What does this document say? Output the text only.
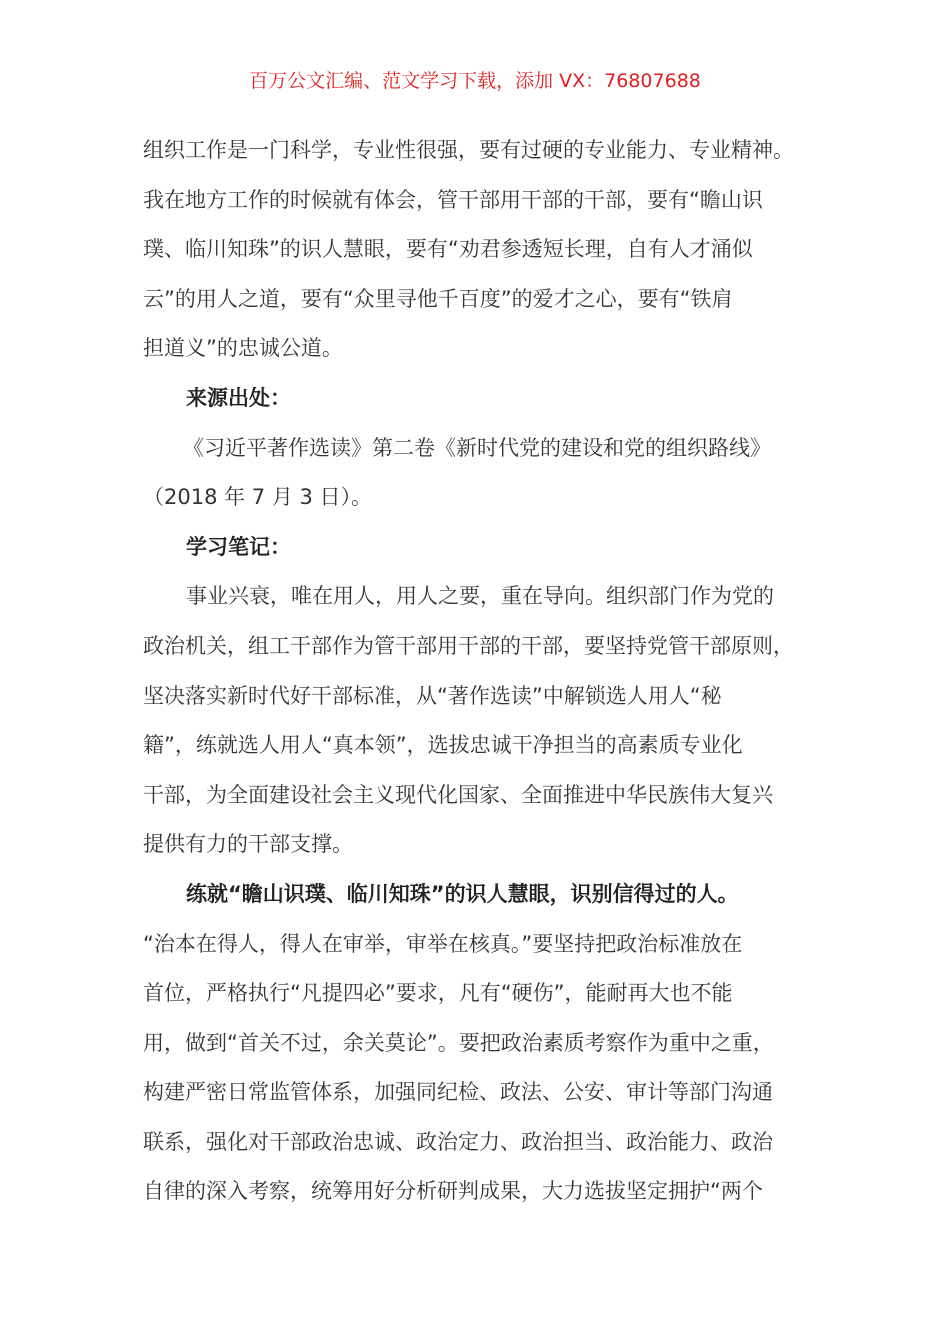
百万公文汇编、范文学习下载，添加 VX：76807688
组织工作是一门科学，专业性很强，要有过硬的专业能力、专业精神。
我在地方工作的时候就有体会，管干部用干部的干部，要有“瞻山识
璞、临川知珠”的识人慧眼，要有“劝君参透短长理，自有人才涌似
云”的用人之道，要有“众里寻他千百度”的爱才之心，要有“铁肩
担道义”的忠诚公道。
来源出处：
《习近平著作选读》第二卷《新时代党的建设和党的组织路线》
（2018 年 7 月 3 日）。
学习笔记：
事业兴衰，唯在用人，用人之要，重在导向。组织部门作为党的
政治机关，组工干部作为管干部用干部的干部，要坚持党管干部原则，
坚决落实新时代好干部标准，从“著作选读”中解锁选人用人“秘
籍”，练就选人用人“真本领”，选拔忠诚干净担当的高素质专业化
干部，为全面建设社会主义现代化国家、全面推进中华民族伟大复兴
提供有力的干部支撑。
练就“瞻山识璞、临川知珠”的识人慧眼，识别信得过的人。
“治本在得人，得人在审举，审举在核真。”要坚持把政治标准放在
首位，严格执行“凡提四必”要求，凡有“硬伤”，能耐再大也不能
用，做到“首关不过，余关莫论”。要把政治素质考察作为重中之重，
构建严密日常监管体系，加强同纪检、政法、公安、审计等部门沟通
联系，强化对干部政治忠诚、政治定力、政治担当、政治能力、政治
自律的深入考察，统筹用好分析研判成果，大力选拔坚定拥护“两个
